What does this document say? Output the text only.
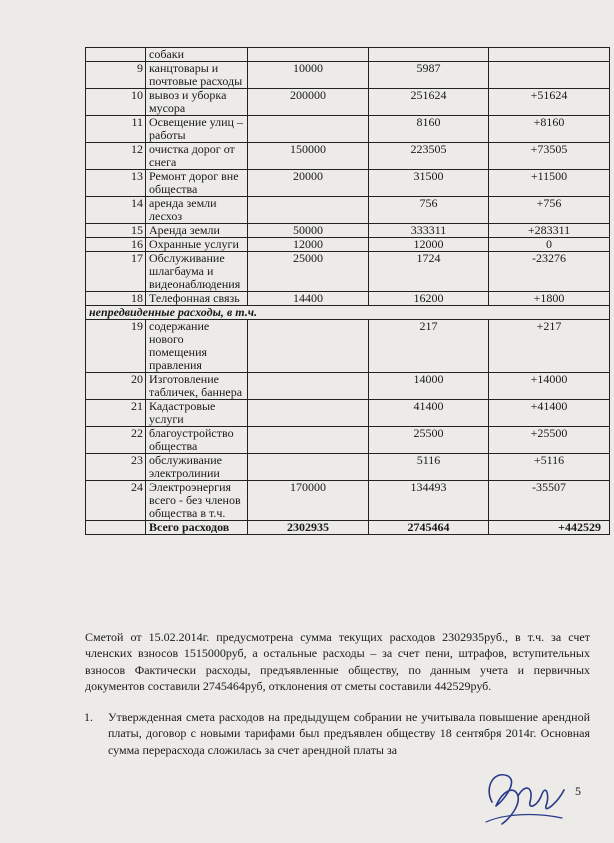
	собаки			
9	канцтовары и почтовые расходы	10000	5987	
10	вывоз и уборка мусора	200000	251624	+51624
11	Освещение улиц – работы		8160	+8160
12	очистка дорог от снега	150000	223505	+73505
13	Ремонт дорог вне общества	20000	31500	+11500
14	аренда земли лесхоз		756	+756
15	Аренда земли	50000	333311	+283311
16	Охранные услуги	12000	12000	0
17	Обслуживание шлагбаума и видеонаблюдения	25000	1724	-23276
18	Телефонная связь	14400	16200	+1800
непредвиденные расходы, в т.ч.				
19	содержание нового помещения правления		217	+217
20	Изготовление табличек, баннера		14000	+14000
21	Кадастровые услуги		41400	+41400
22	благоустройство общества		25500	+25500
23	обслуживание электролинии		5116	+5116
24	Электроэнергия всего - без членов общества в т.ч.	170000	134493	-35507
	Всего расходов	2302935	2745464	+442529

Сметой от 15.02.2014г. предусмотрена сумма текущих расходов 2302935руб., в т.ч. за счет членских взносов 1515000руб, а остальные расходы – за счет пени, штрафов, вступительных взносов Фактически расходы, предъявленные обществу, по данным учета и первичных документов составили 2745464руб, отклонения от сметы составили 442529руб.

1. Утвержденная смета расходов на предыдущем собрании не учитывала повышение арендной платы, договор с новыми тарифами был предъявлен обществу 18 сентября 2014г. Основная сумма перерасхода сложилась за счет арендной платы за
5
